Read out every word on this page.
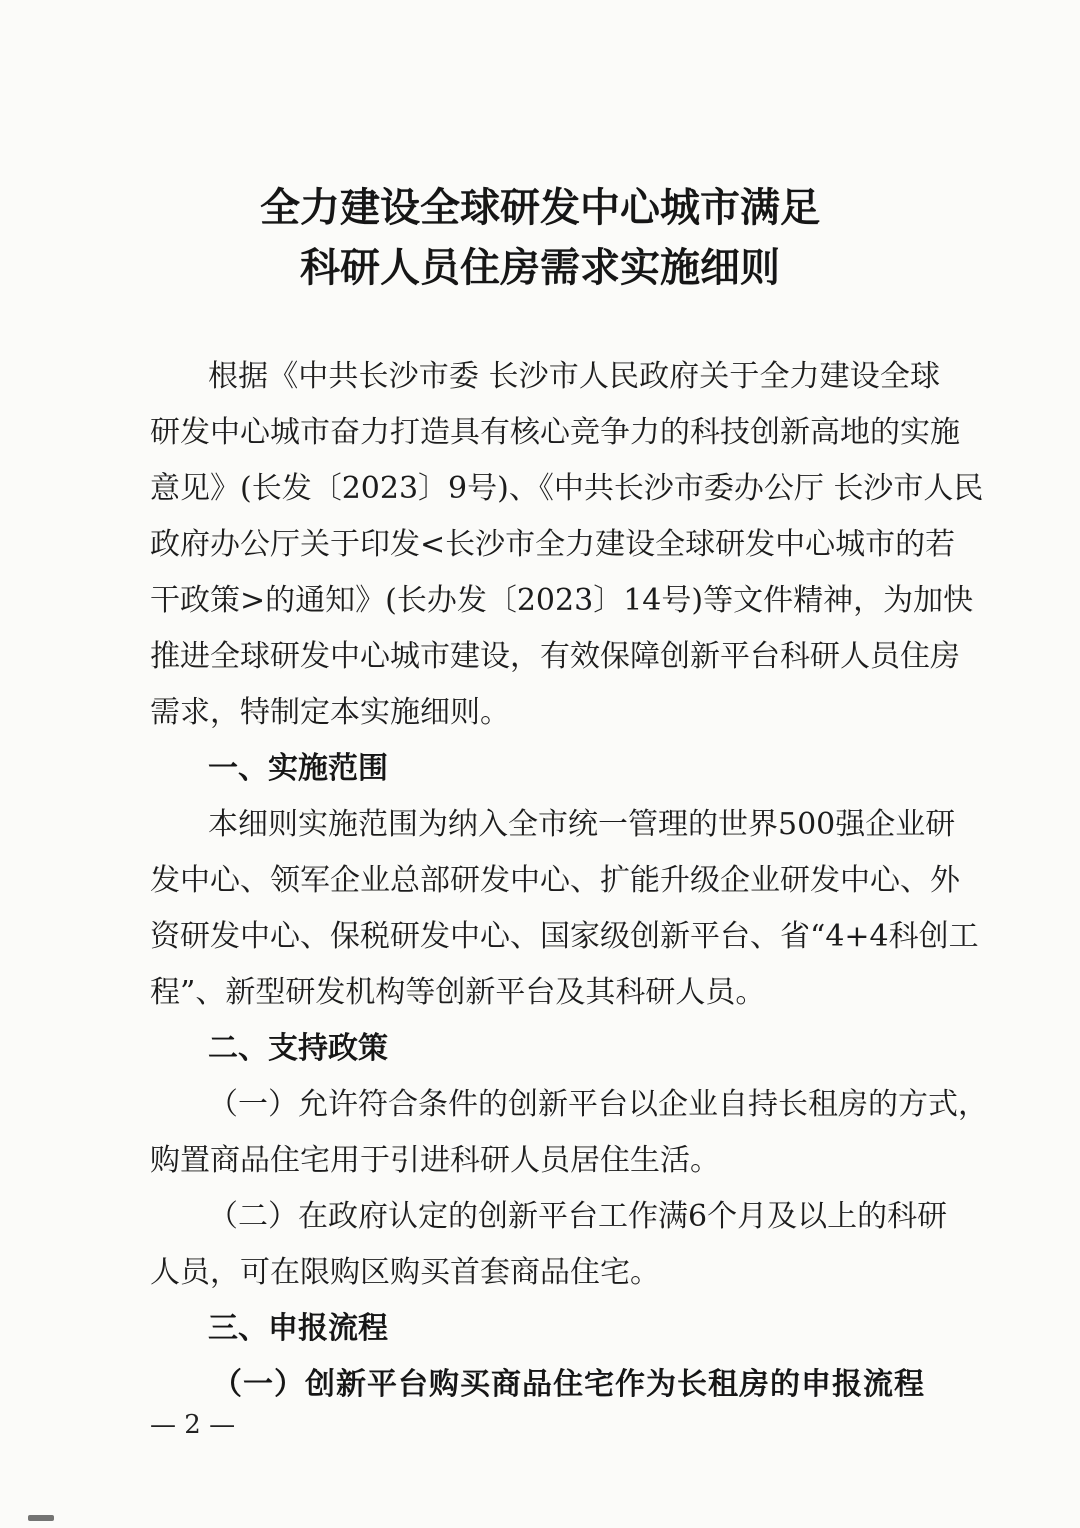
全力建设全球研发中心城市满足
科研人员住房需求实施细则
根据《中共长沙市委 长沙市人民政府关于全力建设全球
研发中心城市奋力打造具有核心竞争力的科技创新高地的实施
意见》(长发〔2023〕9号)、《中共长沙市委办公厅 长沙市人民
政府办公厅关于印发<长沙市全力建设全球研发中心城市的若
干政策>的通知》(长办发〔2023〕14号)等文件精神，为加快
推进全球研发中心城市建设，有效保障创新平台科研人员住房
需求，特制定本实施细则。
一、实施范围
本细则实施范围为纳入全市统一管理的世界500强企业研
发中心、领军企业总部研发中心、扩能升级企业研发中心、外
资研发中心、保税研发中心、国家级创新平台、省“4+4科创工
程”、新型研发机构等创新平台及其科研人员。
二、支持政策
（一）允许符合条件的创新平台以企业自持长租房的方式，
购置商品住宅用于引进科研人员居住生活。
（二）在政府认定的创新平台工作满6个月及以上的科研
人员，可在限购区购买首套商品住宅。
三、申报流程
（一）创新平台购买商品住宅作为长租房的申报流程
— 2 —
